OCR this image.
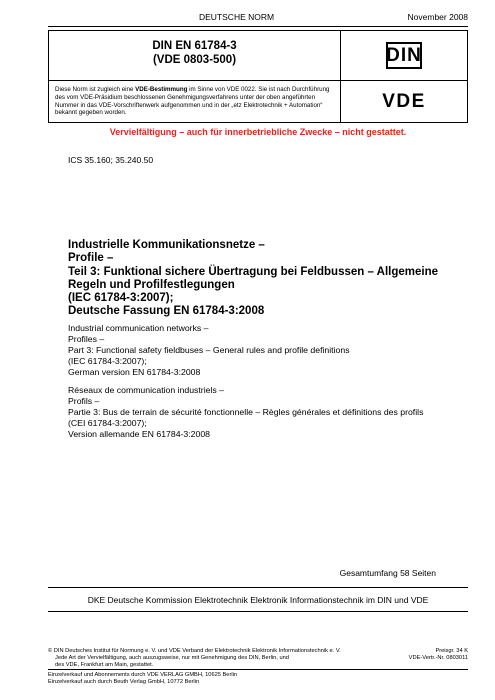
DEUTSCHE NORM	November 2008
DIN EN 61784-3
(VDE 0803-500)	DIN
Diese Norm ist zugleich eine VDE-Bestimmung im Sinne von VDE 0022. Sie ist nach Durchführung des vom VDE-Präsidium beschlossenen Genehmigungsverfahrens unter der oben angeführten Nummer in das VDE-Vorschriftenwerk aufgenommen und in der „etz Elektrotechnik + Automation“ bekannt gegeben worden.
VDE
Vervielfältigung – auch für innerbetriebliche Zwecke – nicht gestattet.
ICS 35.160; 35.240.50
Industrielle Kommunikationsnetze –
Profile –
Teil 3: Funktional sichere Übertragung bei Feldbussen – Allgemeine
Regeln und Profilfestlegungen
(IEC 61784-3:2007);
Deutsche Fassung EN 61784-3:2008
Industrial communication networks –
Profiles –
Part 3: Functional safety fieldbuses – General rules and profile definitions
(IEC 61784-3:2007);
German version EN 61784-3:2008
Réseaux de communication industriels –
Profils –
Partie 3: Bus de terrain de sécurité fonctionnelle – Règles générales et définitions des profils
(CEI 61784-3:2007);
Version allemande EN 61784-3:2008
Gesamtumfang 58 Seiten
DKE Deutsche Kommission Elektrotechnik Elektronik Informationstechnik im DIN und VDE
© DIN Deutsches Institut für Normung e. V. und VDE Verband der Elektrotechnik Elektronik Informationstechnik e. V.
Jede Art der Vervielfältigung, auch auszugsweise, nur mit Genehmigung des DIN, Berlin, und
des VDE, Frankfurt am Main, gestattet.
Preisgr. 34 K
VDE-Vertr.-Nr. 0803011
Einzelverkauf und Abonnements durch VDE VERLAG GMBH, 10625 Berlin
Einzelverkauf auch durch Beuth Verlag GmbH, 10772 Berlin
